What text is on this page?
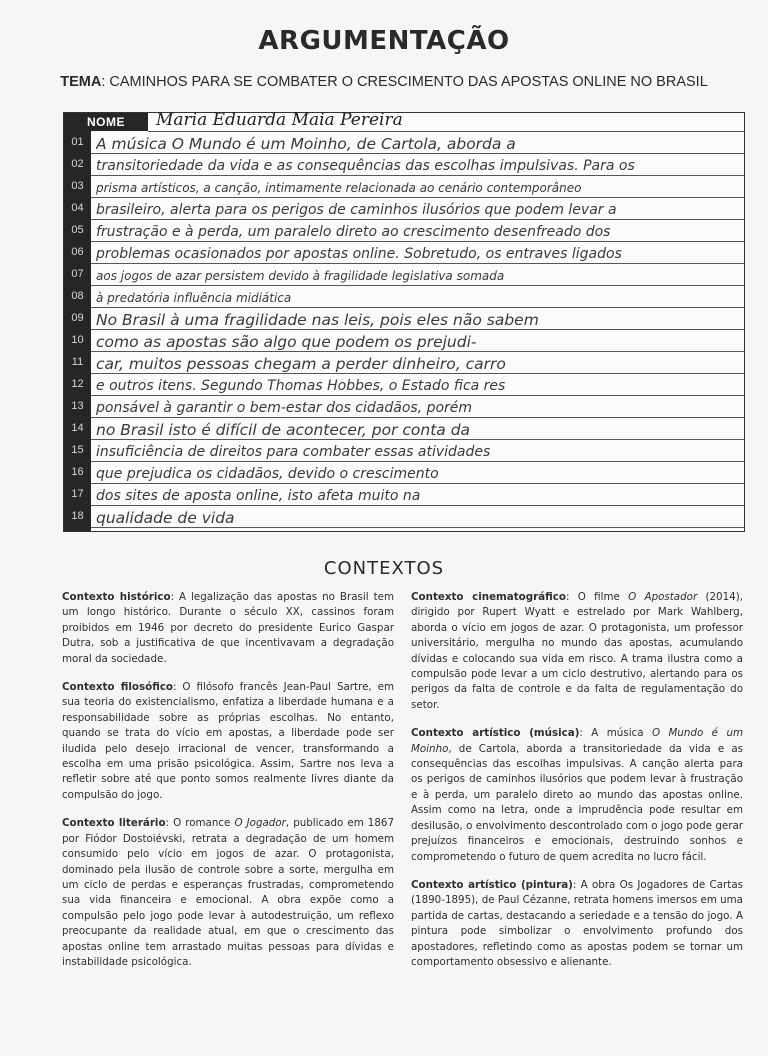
ARGUMENTAÇÃO
TEMA: CAMINHOS PARA SE COMBATER O CRESCIMENTO DAS APOSTAS ONLINE NO BRASIL
NOME	Maria Eduarda Maia Pereira
01 A música O Mundo é um Moinho, de Cartola, aborda a
02 transitoriedade da vida e as consequências das escolhas impulsivas. Para os
03	prisma artísticos, a canção, intimamente relacionada ao cenário contemporâneo
04 brasileiro, alerta para os perigos de caminhos ilusórios que podem levar a
05 frustração e à perda, um paralelo direto ao crescimento desenfreado dos
06 problemas ocasionados por apostas online. Sobretudo, os entraves ligados
07	aos jogos de azar persistem devido à fragilidade legislativa somada
08	à predatória influência midiática
09 No Brasil à uma fragilidade nas leis, pois eles não sabem
10 como as apostas são algo que podem os prejudi-
11 car, muitos pessoas chegam a perder dinheiro, carro
12 e outros itens. Segundo Thomas Hobbes, o Estado fica res
13 ponsável à garantir o bem-estar dos cidadãos, porém
14 no Brasil isto é difícil de acontecer, por conta da
15 insuficiência de direitos para combater essas atividades
16 que prejudica os cidadãos, devido o crescimento
17 dos sites de aposta online, isto afeta muito na
18 qualidade de vida
CONTEXTOS

Contexto histórico: A legalização das apostas no Brasil tem um longo histórico. Durante o século XX, cassinos foram proibidos em 1946 por decreto do presidente Eurico Gaspar Dutra, sob a justificativa de que incentivavam a degradação moral da sociedade.

Contexto filosófico: O filósofo francês Jean-Paul Sartre, em sua teoria do existencialismo, enfatiza a liberdade humana e a responsabilidade sobre as próprias escolhas. No entanto, quando se trata do vício em apostas, a liberdade pode ser iludida pelo desejo irracional de vencer, transformando a escolha em uma prisão psicológica. Assim, Sartre nos leva a refletir sobre até que ponto somos realmente livres diante da compulsão do jogo.

Contexto literário: O romance O Jogador, publicado em 1867 por Fiódor Dostoiévski, retrata a degradação de um homem consumido pelo vício em jogos de azar. O protagonista, dominado pela ilusão de controle sobre a sorte, mergulha em um ciclo de perdas e esperanças frustradas, comprometendo sua vida financeira e emocional. A obra expõe como a compulsão pelo jogo pode levar à autodestruição, um reflexo preocupante da realidade atual, em que o crescimento das apostas online tem arrastado muitas pessoas para dívidas e instabilidade psicológica.

Contexto cinematográfico: O filme O Apostador (2014), dirigido por Rupert Wyatt e estrelado por Mark Wahlberg, aborda o vício em jogos de azar. O protagonista, um professor universitário, mergulha no mundo das apostas, acumulando dívidas e colocando sua vida em risco. A trama ilustra como a compulsão pode levar a um ciclo destrutivo, alertando para os perigos da falta de controle e da falta de regulamentação do setor.

Contexto artístico (música): A música O Mundo é um Moinho, de Cartola, aborda a transitoriedade da vida e as consequências das escolhas impulsivas. A canção alerta para os perigos de caminhos ilusórios que podem levar à frustração e à perda, um paralelo direto ao mundo das apostas online. Assim como na letra, onde a imprudência pode resultar em desilusão, o envolvimento descontrolado com o jogo pode gerar prejuízos financeiros e emocionais, destruindo sonhos e comprometendo o futuro de quem acredita no lucro fácil.

Contexto artístico (pintura): A obra Os Jogadores de Cartas (1890-1895), de Paul Cézanne, retrata homens imersos em uma partida de cartas, destacando a seriedade e a tensão do jogo. A pintura pode simbolizar o envolvimento profundo dos apostadores, refletindo como as apostas podem se tornar um comportamento obsessivo e alienante.
